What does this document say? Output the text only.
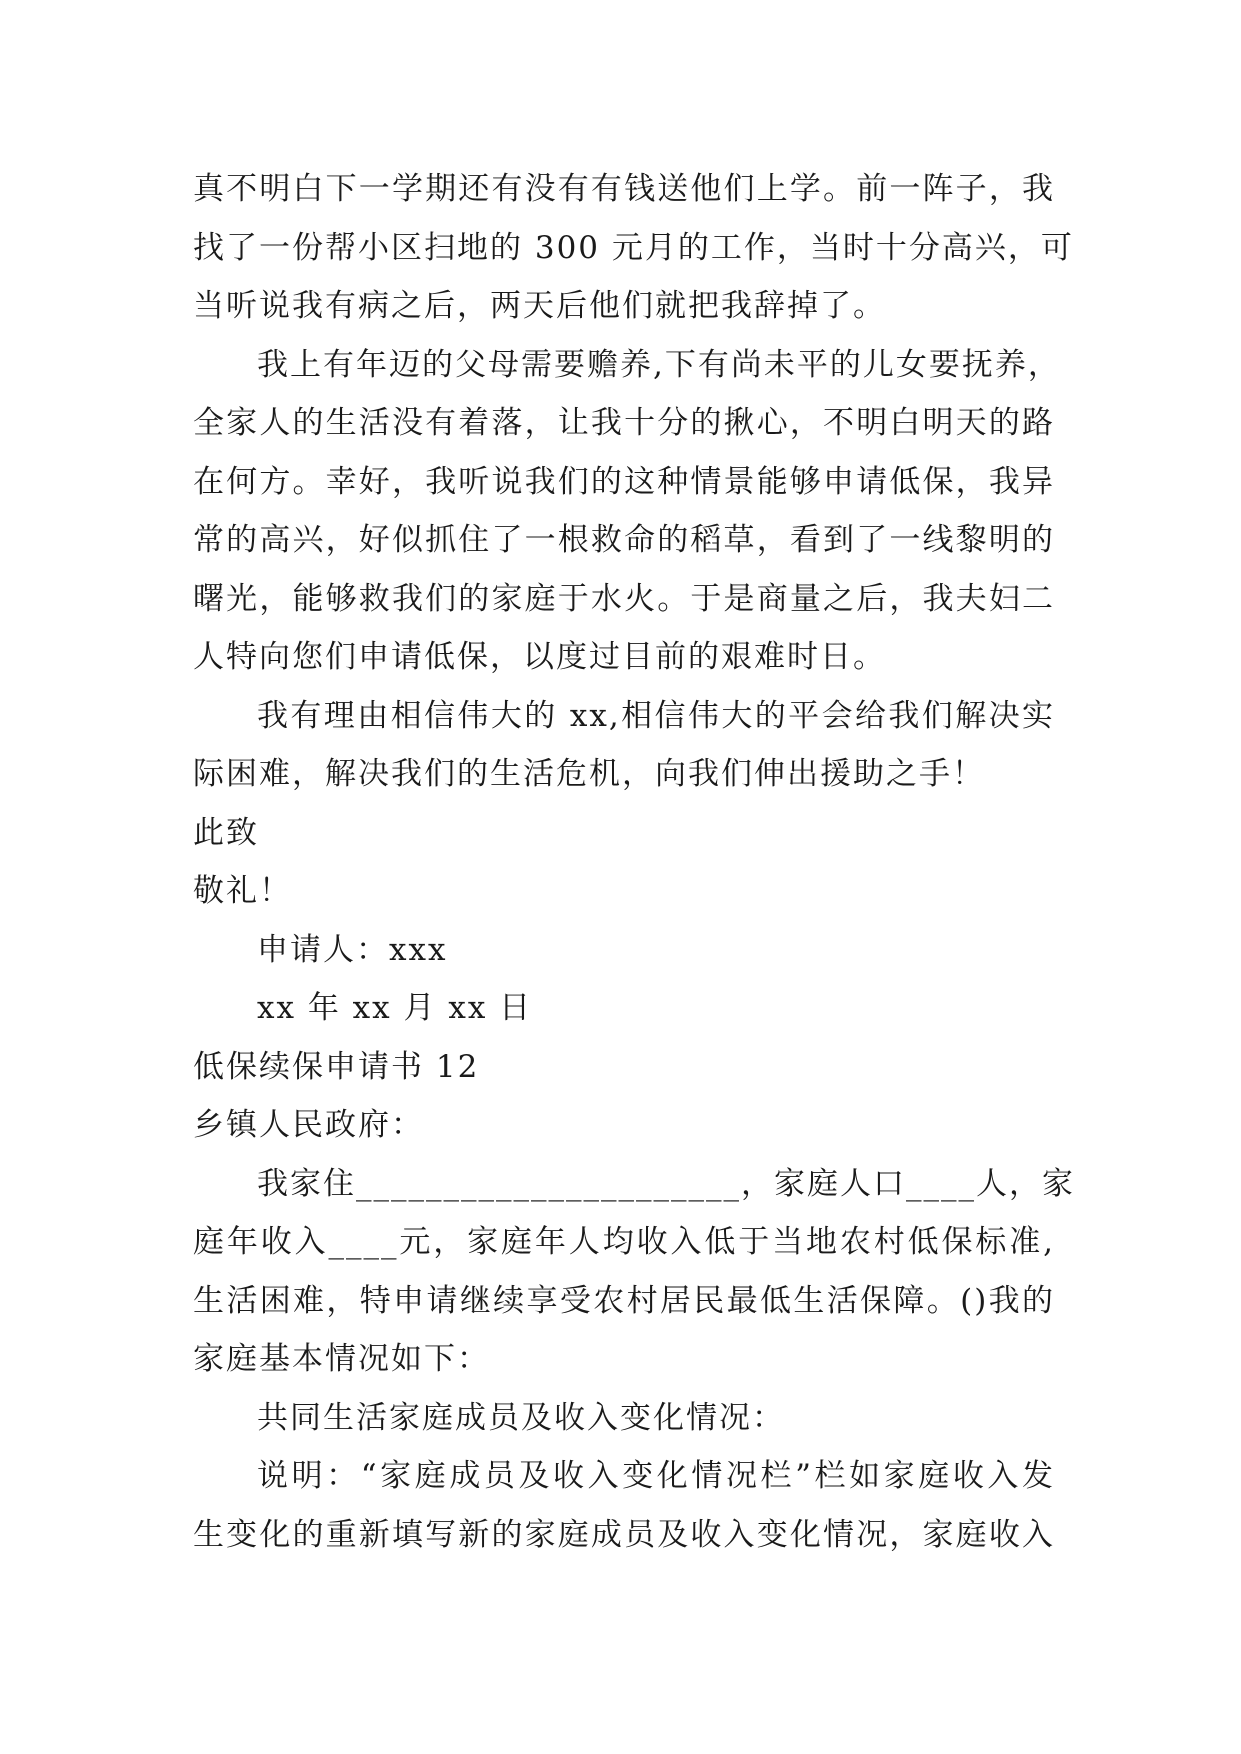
真不明白下一学期还有没有有钱送他们上学。前一阵子，我
找了一份帮小区扫地的 300 元月的工作，当时十分高兴，可
当听说我有病之后，两天后他们就把我辞掉了。
我上有年迈的父母需要赡养,下有尚未平的儿女要抚养，
全家人的生活没有着落，让我十分的揪心，不明白明天的路
在何方。幸好，我听说我们的这种情景能够申请低保，我异
常的高兴，好似抓住了一根救命的稻草，看到了一线黎明的
曙光，能够救我们的家庭于水火。于是商量之后，我夫妇二
人特向您们申请低保，以度过目前的艰难时日。
我有理由相信伟大的 xx,相信伟大的平会给我们解决实
际困难，解决我们的生活危机，向我们伸出援助之手！
此致
敬礼！
申请人：xxx
xx 年 xx 月 xx 日
低保续保申请书 12
乡镇人民政府：
我家住______________________，家庭人口____人，家
庭年收入____元，家庭年人均收入低于当地农村低保标准,
生活困难，特申请继续享受农村居民最低生活保障。()我的
家庭基本情况如下：
共同生活家庭成员及收入变化情况：
说明：“家庭成员及收入变化情况栏”栏如家庭收入发
生变化的重新填写新的家庭成员及收入变化情况，家庭收入
